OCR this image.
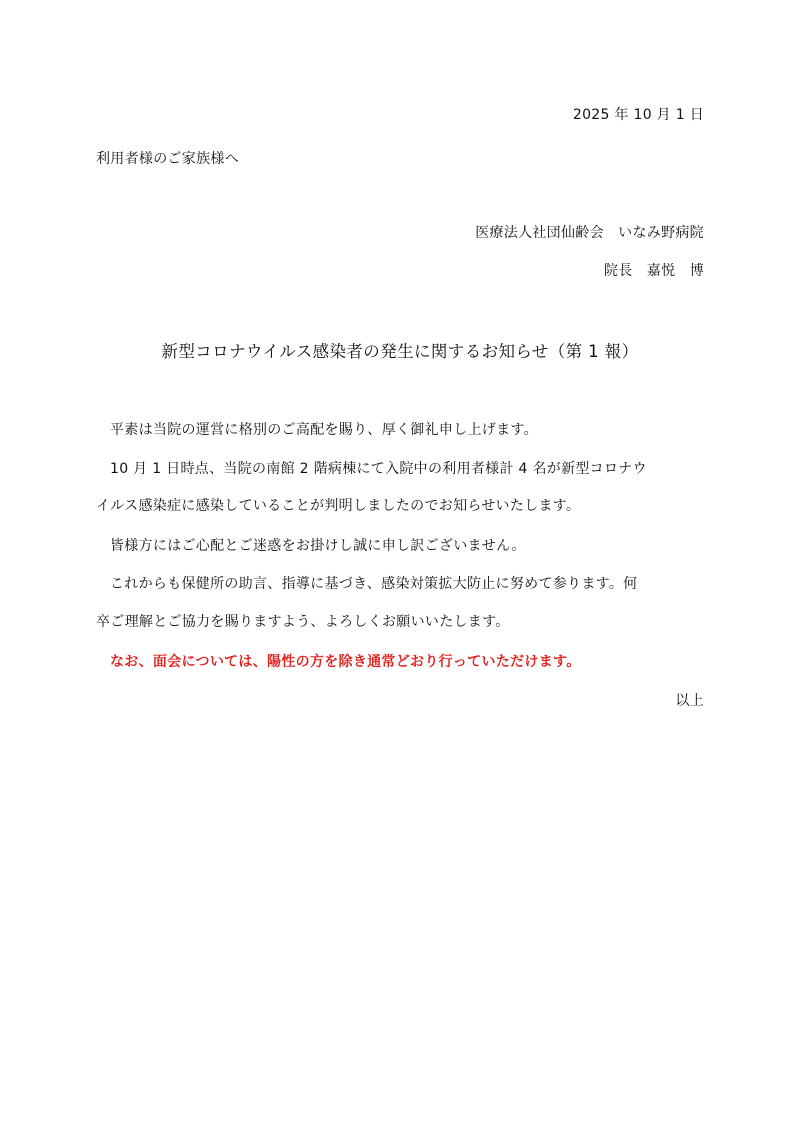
2025 年 10 月 1 日
利用者様のご家族様へ
医療法人社団仙齢会　いなみ野病院
院長　嘉悦　博
新型コロナウイルス感染者の発生に関するお知らせ（第 1 報）
平素は当院の運営に格別のご高配を賜り、厚く御礼申し上げます。
10 月 1 日時点、当院の南館 2 階病棟にて入院中の利用者様計 4 名が新型コロナウ
イルス感染症に感染していることが判明しましたのでお知らせいたします。
皆様方にはご心配とご迷惑をお掛けし誠に申し訳ございません。
これからも保健所の助言、指導に基づき、感染対策拡大防止に努めて参ります。何
卒ご理解とご協力を賜りますよう、よろしくお願いいたします。
なお、面会については、陽性の方を除き通常どおり行っていただけます。
以上
